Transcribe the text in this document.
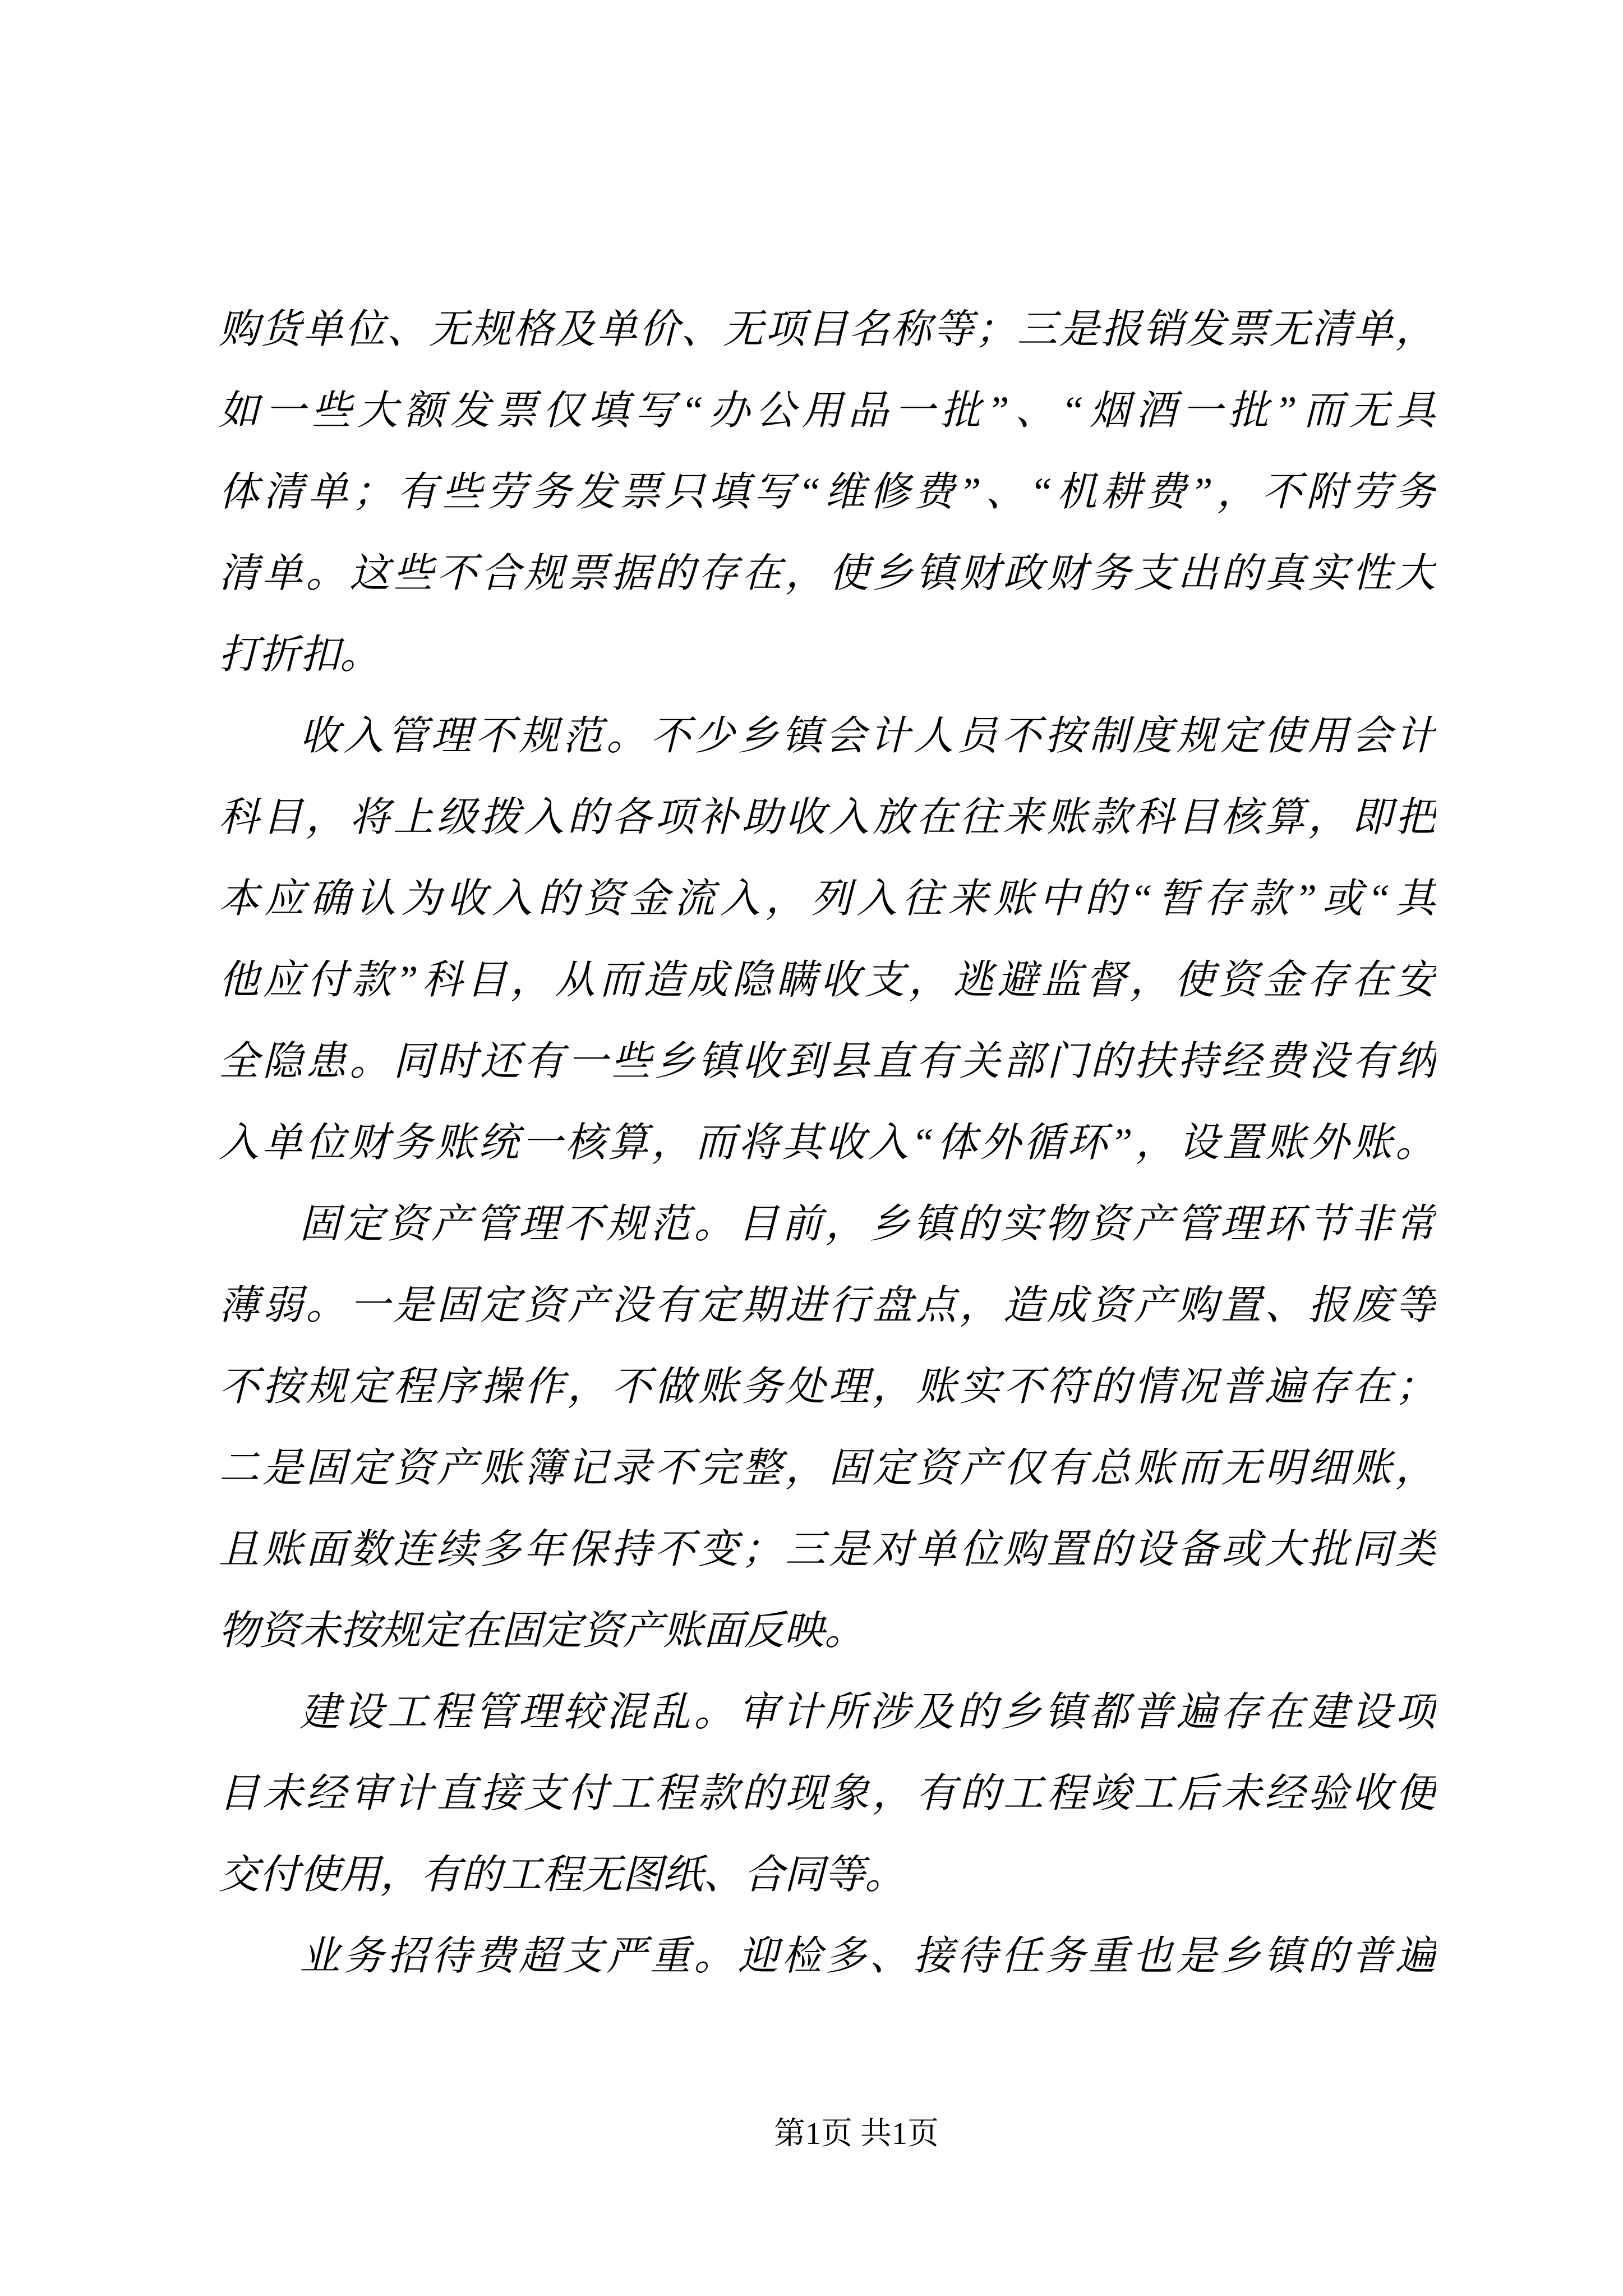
购货单位、无规格及单价、无项目名称等；三是报销发票无清单，
如一些大额发票仅填写“办公用品一批”、“烟酒一批”而无具
体清单；有些劳务发票只填写“维修费”、“机耕费”，不附劳务
清单。这些不合规票据的存在，使乡镇财政财务支出的真实性大
打折扣。
收入管理不规范。不少乡镇会计人员不按制度规定使用会计
科目，将上级拨入的各项补助收入放在往来账款科目核算，即把
本应确认为收入的资金流入，列入往来账中的“暂存款”或“其
他应付款”科目，从而造成隐瞒收支，逃避监督，使资金存在安
全隐患。同时还有一些乡镇收到县直有关部门的扶持经费没有纳
入单位财务账统一核算，而将其收入“体外循环”，设置账外账。
固定资产管理不规范。目前，乡镇的实物资产管理环节非常
薄弱。一是固定资产没有定期进行盘点，造成资产购置、报废等
不按规定程序操作，不做账务处理，账实不符的情况普遍存在；
二是固定资产账簿记录不完整，固定资产仅有总账而无明细账，
且账面数连续多年保持不变；三是对单位购置的设备或大批同类
物资未按规定在固定资产账面反映。
建设工程管理较混乱。审计所涉及的乡镇都普遍存在建设项
目未经审计直接支付工程款的现象，有的工程竣工后未经验收便
交付使用，有的工程无图纸、合同等。
业务招待费超支严重。迎检多、接待任务重也是乡镇的普遍
第1页 共1页
